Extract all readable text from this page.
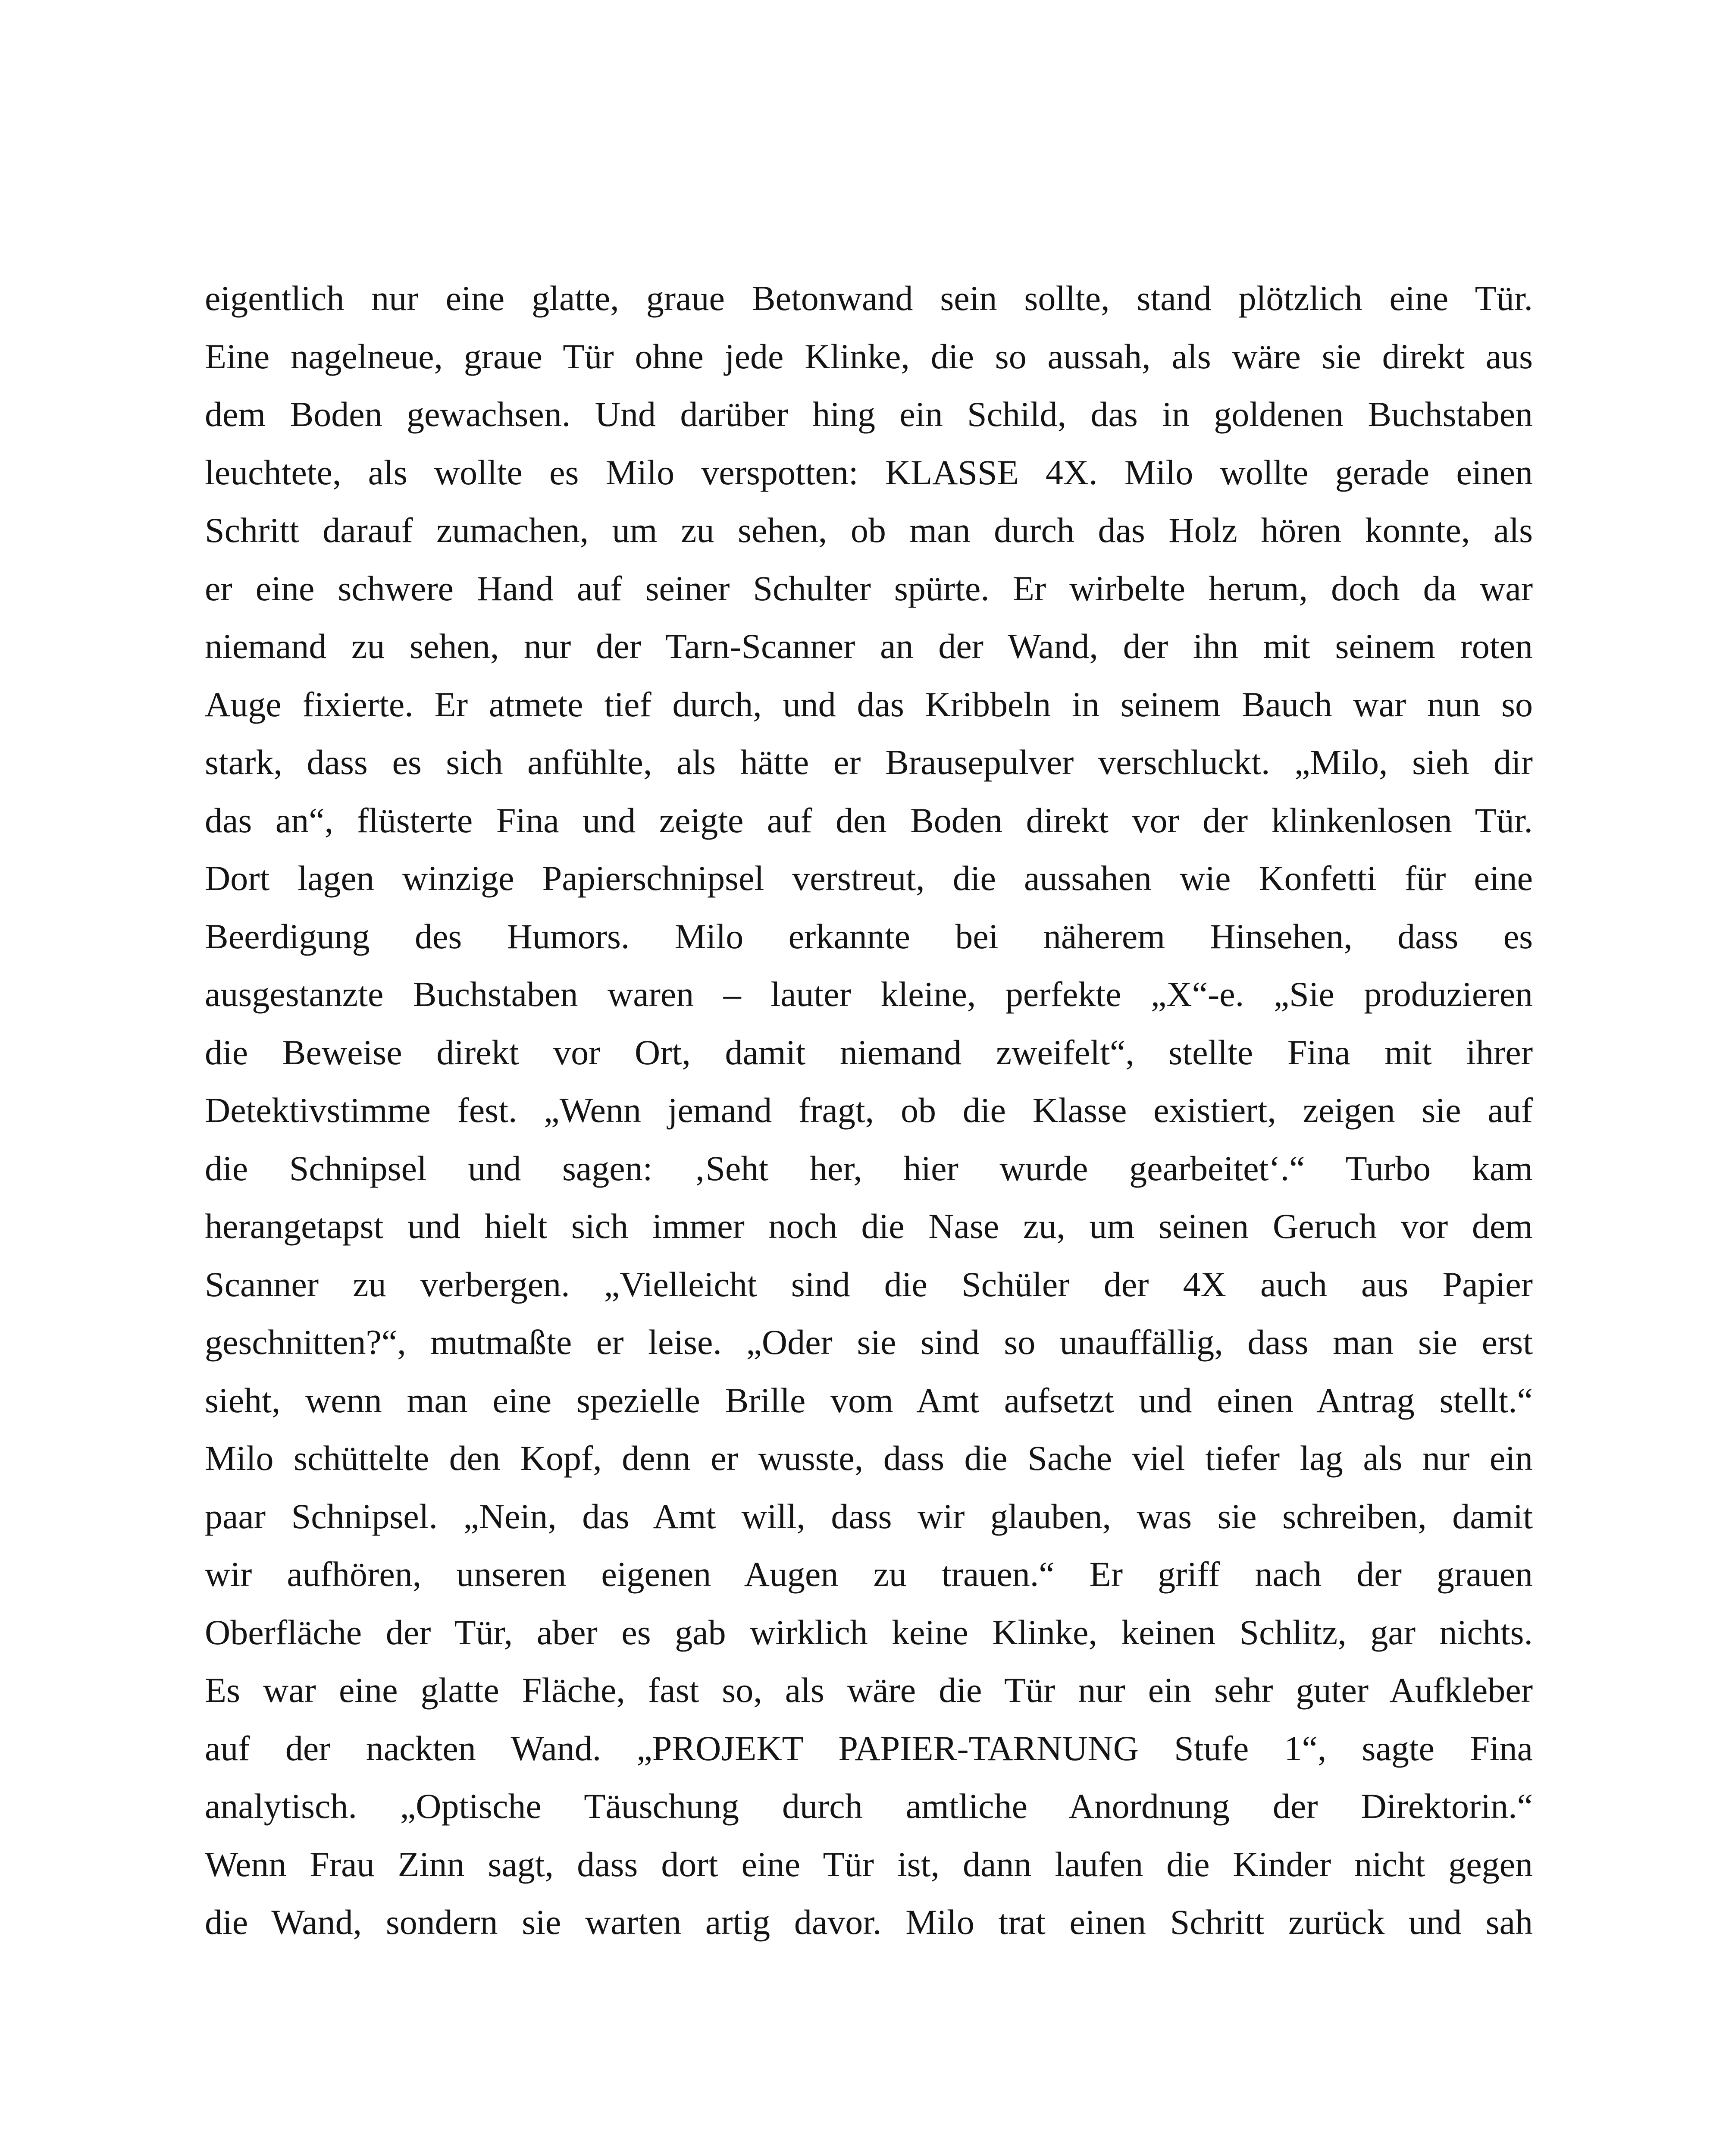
eigentlich nur eine glatte, graue Betonwand sein sollte, stand plötzlich eine Tür.
Eine nagelneue, graue Tür ohne jede Klinke, die so aussah, als wäre sie direkt aus
dem Boden gewachsen. Und darüber hing ein Schild, das in goldenen Buchstaben
leuchtete, als wollte es Milo verspotten: KLASSE 4X. Milo wollte gerade einen
Schritt darauf zumachen, um zu sehen, ob man durch das Holz hören konnte, als
er eine schwere Hand auf seiner Schulter spürte. Er wirbelte herum, doch da war
niemand zu sehen, nur der Tarn-Scanner an der Wand, der ihn mit seinem roten
Auge fixierte. Er atmete tief durch, und das Kribbeln in seinem Bauch war nun so
stark, dass es sich anfühlte, als hätte er Brausepulver verschluckt. „Milo, sieh dir
das an“, flüsterte Fina und zeigte auf den Boden direkt vor der klinkenlosen Tür.
Dort lagen winzige Papierschnipsel verstreut, die aussahen wie Konfetti für eine
Beerdigung des Humors. Milo erkannte bei näherem Hinsehen, dass es
ausgestanzte Buchstaben waren – lauter kleine, perfekte „X“-e. „Sie produzieren
die Beweise direkt vor Ort, damit niemand zweifelt“, stellte Fina mit ihrer
Detektivstimme fest. „Wenn jemand fragt, ob die Klasse existiert, zeigen sie auf
die Schnipsel und sagen: ‚Seht her, hier wurde gearbeitet‘.“ Turbo kam
herangetapst und hielt sich immer noch die Nase zu, um seinen Geruch vor dem
Scanner zu verbergen. „Vielleicht sind die Schüler der 4X auch aus Papier
geschnitten?“, mutmaßte er leise. „Oder sie sind so unauffällig, dass man sie erst
sieht, wenn man eine spezielle Brille vom Amt aufsetzt und einen Antrag stellt.“
Milo schüttelte den Kopf, denn er wusste, dass die Sache viel tiefer lag als nur ein
paar Schnipsel. „Nein, das Amt will, dass wir glauben, was sie schreiben, damit
wir aufhören, unseren eigenen Augen zu trauen.“ Er griff nach der grauen
Oberfläche der Tür, aber es gab wirklich keine Klinke, keinen Schlitz, gar nichts.
Es war eine glatte Fläche, fast so, als wäre die Tür nur ein sehr guter Aufkleber
auf der nackten Wand. „PROJEKT PAPIER-TARNUNG Stufe 1“, sagte Fina
analytisch. „Optische Täuschung durch amtliche Anordnung der Direktorin.“
Wenn Frau Zinn sagt, dass dort eine Tür ist, dann laufen die Kinder nicht gegen
die Wand, sondern sie warten artig davor. Milo trat einen Schritt zurück und sah
